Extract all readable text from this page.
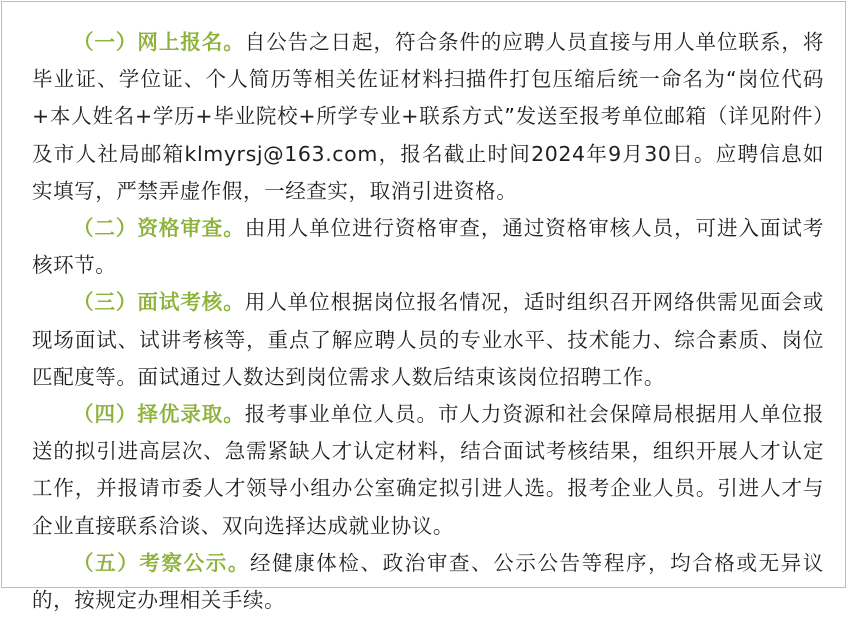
（一）网上报名。自公告之日起，符合条件的应聘人员直接与用人单位联系，将毕业证、学位证、个人简历等相关佐证材料扫描件打包压缩后统一命名为“岗位代码+本人姓名+学历+毕业院校+所学专业+联系方式”发送至报考单位邮箱（详见附件）及市人社局邮箱klmyrsj@163.com，报名截止时间2024年9月30日。应聘信息如实填写，严禁弄虚作假，一经查实，取消引进资格。

（二）资格审查。由用人单位进行资格审查，通过资格审核人员，可进入面试考核环节。

（三）面试考核。用人单位根据岗位报名情况，适时组织召开网络供需见面会或现场面试、试讲考核等，重点了解应聘人员的专业水平、技术能力、综合素质、岗位匹配度等。面试通过人数达到岗位需求人数后结束该岗位招聘工作。

（四）择优录取。报考事业单位人员。市人力资源和社会保障局根据用人单位报送的拟引进高层次、急需紧缺人才认定材料，结合面试考核结果，组织开展人才认定工作，并报请市委人才领导小组办公室确定拟引进人选。报考企业人员。引进人才与企业直接联系洽谈、双向选择达成就业协议。

（五）考察公示。经健康体检、政治审查、公示公告等程序，均合格或无异议的，按规定办理相关手续。
